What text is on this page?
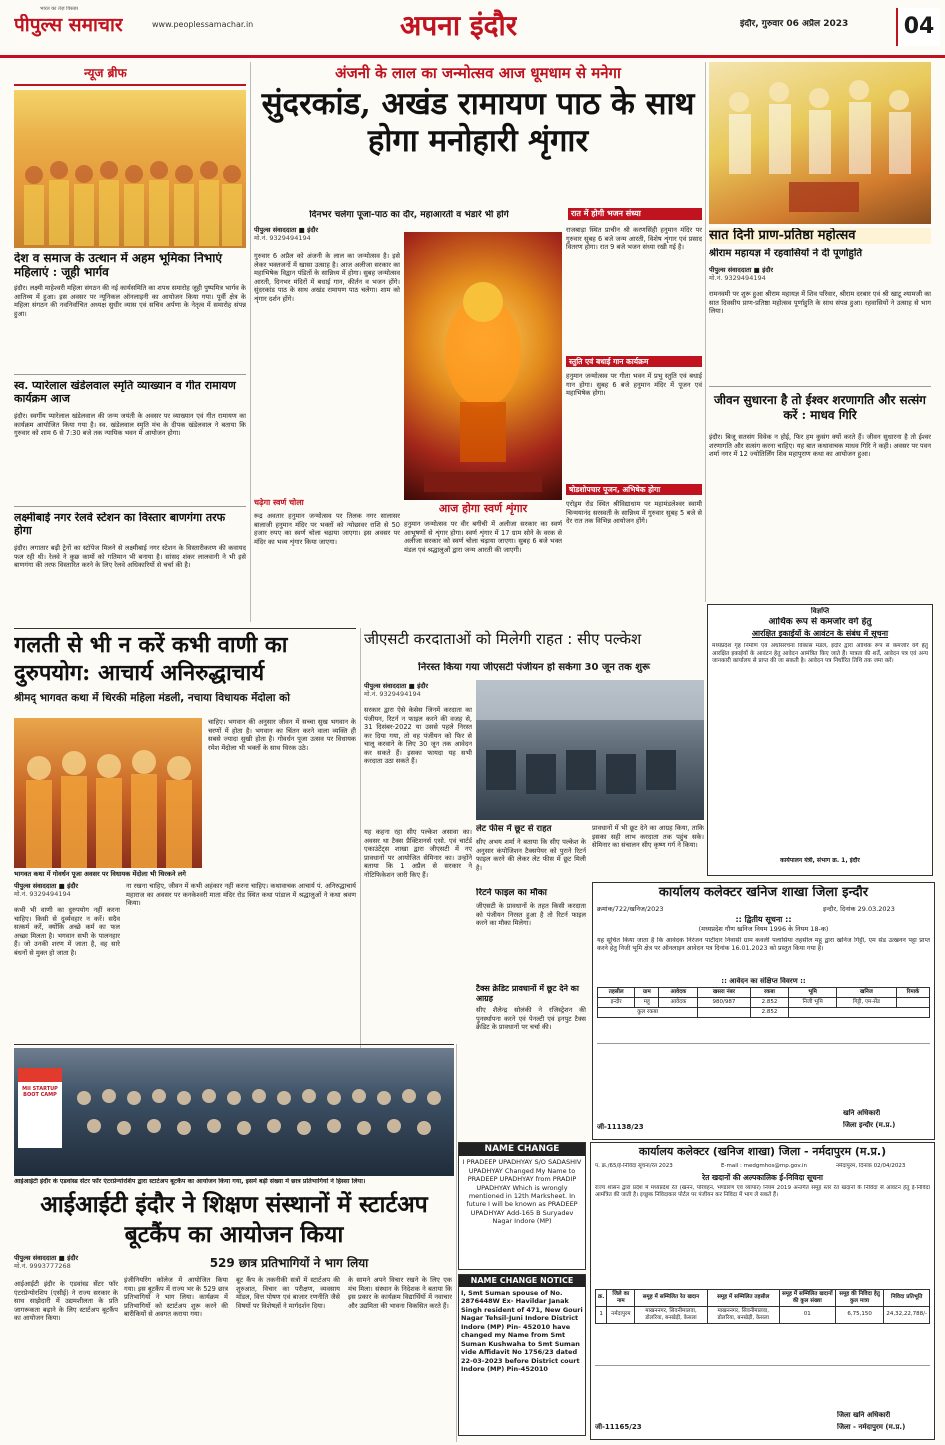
भारत का तेज़ विस्तार
पीपुल्स समाचार	www.peoplessamachar.in	अपना इंदौर	इंदौर, गुरुवार 06 अप्रैल 2023	04
न्यूज ब्रीफ
देश व समाज के उत्थान में अहम भूमिका निभाएं महिलाएं : जूही भार्गव
इंदौर। लक्ष्मी माहेश्वरी महिला संगठन की नई कार्यसमिति का शपथ समारोह जूही पुष्पमित्र भार्गव के आतिथ्य में हुआ। इस अवसर पर न्यूनिकल ऑनलाइनी का आयोजन किया गया। पूर्वी क्षेत्र के महिला संगठन की नवनिर्वाचित अध्यक्ष सुधीर व्यास एवं सचिव अर्पणा के नेतृत्व में समारोह संपन्न हुआ।
स्व. प्यारेलाल खंडेलवाल स्मृति व्याख्यान व गीत रामायण कार्यक्रम आज
इंदौर। स्वर्गीय प्यारेलाल खंडेलवाल की जन्म जयंती के अवसर पर व्याख्यान एवं गीत रामायण का कार्यक्रम आयोजित किया गया है। स्व. खंडेलवाल स्मृति मंच के दीपक खंडेलवाल ने बताया कि गुरुवार को शाम 6 से 7:30 बजे तक न्यायिक भवन में आयोजन होगा।
लक्ष्मीबाई नगर रेलवे स्टेशन का विस्तार बाणगंगा तरफ होगा
इंदौर। लगातार बढ़ी ट्रेनों का स्टॉपेज मिलने से लक्ष्मीबाई नगर स्टेशन के विस्तारीकरण की कवायद फल रही थी। रेलवे ने कुछ कामों को गतिमान भी बनाया है। सांसद शंकर लालवानी ने भी इसे बाणगंगा की तरफ विस्तारित करने के लिए रेलवे अधिकारियों से चर्चा की है।
अंजनी के लाल का जन्मोत्सव आज धूमधाम से मनेगा
सुंदरकांड, अखंड रामायण पाठ के साथ होगा मनोहारी शृंगार
दिनभर चलेगा पूजा-पाठ का दौर, महाआरती व भंडारे भी होंगे	रात में होगी भजन संध्या
पीपुल्स संवाददाता ■ इंदौर
मो.नं. 9329494194
गुरुवार 6 अप्रैल को अंजनी के लाल का जन्मोत्सव है। इसे लेकर भक्तजनों में खासा उत्साह है। आज अलीजा सरकार का महाभिषेक विद्वान पंडितों के सान्निध्य में होगा। सुबह जन्मोत्सव आरती, दिनभर मंदिरों में बधाई गान, कीर्तन व भजन होंगे। सुंदरकांड पाठ के साथ अखंड रामायण पाठ चलेगा। शाम को शृंगार दर्शन होंगे।
चढ़ेगा स्वर्ण चोला
रूद्र अवतार हनुमान जन्मोत्सव पर तिलक नगर सालासर बालाजी हनुमान मंदिर पर भक्तों को न्योछावर राशि से 50 हजार रुपए का स्वर्ण चोला चढ़ाया जाएगा। इस अवसर पर मंदिर का भव्य शृंगार किया जाएगा।
आज होगा स्वर्ण शृंगार
हनुमान जन्मोत्सव पर वीर बगीची में अलीजा सरकार का स्वर्ण आभूषणों से शृंगार होगा। स्वर्ण शृंगार में 17 ग्राम सोने के वरक से अलीजा सरकार को स्वर्ण चोला चढ़ाया जाएगा। सुबह 6 बजे भक्त मंडल एवं श्रद्धालुओं द्वारा जन्म आरती की जाएगी।
राजबाड़ा स्थित प्राचीन श्री करणसिंही हनुमान मंदिर पर गुरुवार सुबह 6 बजे जन्म आरती, विशेष शृंगार एवं प्रसाद वितरण होगा। रात 9 बजे भजन संध्या रखी गई है।
स्तुति एवं बधाई गान कार्यक्रम
हनुमान जन्मोत्सव पर गीता भवन में प्रभु स्तुति एवं बधाई गान होगा। सुबह 6 बजे हनुमान मंदिर में पूजन एवं महाभिषेक होगा।
षोडशोपचार पूजन, अभिषेक होगा
एरोड्रम रोड स्थित श्रीविद्याधाम पर महामंडलेश्वर स्वामी चिन्मयानंद सरस्वती के सान्निध्य में गुरुवार सुबह 5 बजे से देर रात तक विभिन्न आयोजन होंगे।
सात दिनी प्राण-प्रतिष्ठा महोत्सव
श्रीराम महायज्ञ में रहवासियों ने दी पूर्णाहुति
पीपुल्स संवाददाता ■ इंदौर
मो.नं. 9329494194
रामनवमी पर शुरू हुआ श्रीराम महायज्ञ में शिव परिवार, श्रीराम दरबार एवं श्री खाटू श्यामजी का सात दिवसीय प्राण-प्रतिष्ठा महोत्सव पूर्णाहुति के साथ संपन्न हुआ। रहवासियों ने उत्साह से भाग लिया।
जीवन सुधारना है तो ईश्वर शरणागति और सत्संग करें : माधव गिरि
इंदौर। बिजू सतसंग विवेक न होई, फिर हम कुसंग क्यों करते हैं। जीवन सुधारना है तो ईश्वर शरणागति और सत्संग करना चाहिए। यह बात कथावाचक माधव गिरि ने कही। अवसर पर पवन शर्मा नगर में 12 ज्योतिर्लिंग शिव महापुराण कथा का आयोजन हुआ।
विज्ञप्ति
आर्थिक रूप से कमजोर वर्ग हेतु
आरक्षित इकाईयों के आवंटन के संबंध में सूचना
मध्यप्रदेश गृह निर्माण एवं अधोसंरचना विकास मंडल, इंदौर द्वारा आर्थिक रूप से कमजोर वर्ग हेतु आरक्षित इकाईयों के आवंटन हेतु आवेदन आमंत्रित किए जाते हैं। पात्रता की शर्तें, आवेदन पत्र एवं अन्य जानकारी कार्यालय से प्राप्त की जा सकती है। आवेदन पत्र निर्धारित तिथि तक जमा करें।
कार्यपालन यंत्री, संभाग क्र. 1, इंदौर
गलती से भी न करें कभी वाणी का दुरुपयोग: आचार्य अनिरुद्धाचार्य
श्रीमद् भागवत कथा में थिरकी महिला मंडली, नचाया विधायक मेंदोला को
भागवत कथा में गोवर्धन पूजा अवसर पर विधायक मेंदोला भी थिरकने लगे
पीपुल्स संवाददाता ■ इंदौर
मो.नं. 9329494194
कभी भी वाणी का दुरुपयोग नहीं करना चाहिए। किसी से दुर्व्यवहार न करें। सदैव सत्कर्म करें, क्योंकि अच्छे कर्म का फल अच्छा मिलता है। भगवान सभी के पालनहार हैं। जो उनकी शरण में जाता है, वह सारे बंधनों से मुक्त हो जाता है।
चाहिए। भगवान की अनुसार जीवन में सच्चा सुख भगवान के चरणों में होता है। भगवान का चिंतन करने वाला व्यक्ति ही सबसे ज्यादा सुखी होता है। गोवर्धन पूजा उत्सव पर विधायक रमेश मेंदोला भी भक्तों के साथ थिरक उठे।
ना रखना चाहिए, जीवन में कभी अहंकार नहीं करना चाहिए। कथावाचक आचार्य पं. अनिरुद्धाचार्य महाराज का अवसर पर कनकेश्वरी माता मंदिर रोड स्थित कथा पांडाल में श्रद्धालुओं ने कथा श्रवण किया।
जीएसटी करदाताओं को मिलेगी राहत : सीए पल्केश
निरस्त किया गया जीएसटी पंजीयन हो सकेगा 30 जून तक शुरू
पीपुल्स संवाददाता ■ इंदौर
मो.नं. 9329494194
सरकार द्वारा ऐसे केसेस जिनमें करदाता का पंजीयन, रिटर्न न फाइल करने की वजह से, 31 दिसंबर-2022 या उससे पहले निरस्त कर दिया गया, तो वह पंजीयन को फिर से चालू करवाने के लिए 30 जून तक आवेदन कर सकते हैं। इसका फायदा यह सभी करदाता उठा सकते हैं।
यह कहना रहा सीए पल्केश असावा का। अवसर था टैक्स प्रैक्टिशनर्स एसो. एवं चार्टर्ड एकाउंटेंट्स शाखा द्वारा जीएसटी में नए प्रावधानों पर आयोजित सेमिनार का। उन्होंने बताया कि 1 अप्रैल से सरकार ने नोटिफिकेशन जारी किए हैं।
लेट फीस में छूट से राहत
सीए अभय शर्मा ने बताया कि सीए पल्केश के अनुसार कंपोजिशन टैक्सपेयर को पुराने रिटर्न फाइल करने की लेकर लेट फीस में छूट मिली है।
प्रावधानों में भी छूट देने का आग्रह किया, ताकि इसका सही लाभ करदाता तक पहुंच सके। सेमिनार का संचालन सीए कृष्ण गर्ग ने किया।
रिटर्न फाइल का मौका
जीएसटी के प्रावधानों के तहत किसी करदाता को पंजीयन निरस्त हुआ है तो रिटर्न फाइल करने का मौका मिलेगा।
टैक्स क्रेडिट प्रावधानों में छूट देने का आग्रह
सीए शैलेन्द्र सोलंकी ने रजिस्ट्रेशन की पुनर्स्थापना करने एवं पेनल्टी एवं इनपुट टैक्स क्रेडिट के प्रावधानों पर चर्चा की।
कार्यालय कलेक्टर खनिज शाखा जिला इन्दौर
क्रमांक/722/खनिज/2023	इन्दौर, दिनांक 29.03.2023
:: द्वितीय सूचना ::
(मध्यप्रदेश गौण खनिज नियम 1996 के नियम 18-क)
यह सूचित किया जाता है कि आवेदक निरंजन पाटीदार निवासी ग्राम कवली पलासिया तहसील महू द्वारा खनिज गिट्टी, एम सेंड उत्खनन पट्टा प्राप्त करने हेतु निजी भूमि क्षेत्र पर ऑनलाइन आवेदन पत्र दिनांक 16.01.2023 को प्रस्तुत किया गया है।
:: आवेदन का संक्षिप्त विवरण ::
तहसील	ग्राम	आवेदक	खसरा नंबर	रकबा	भूमि	खनिज	रिमार्क
इन्दौर	महू	आवेदक	980/987	2.852	निजी भूमि	गिट्टी, एम-सेंड	
कुल रकबा				2.852			
खनि अधिकारी
जिला इन्दौर (म.प्र.)
जी-11138/23
MII STARTUP BOOT CAMP
आईआईटी इंदौर के एडवांस्ड सेंटर फॉर एंटरप्रेन्योरशिप द्वारा स्टार्टअप बूटकैंप का आयोजन किया गया, इसमें बड़ी संख्या में छात्र प्रतिभागियों ने हिस्सा लिया।
आईआईटी इंदौर ने शिक्षण संस्थानों में स्टार्टअप बूटकैंप का आयोजन किया
529 छात्र प्रतिभागियों ने भाग लिया
पीपुल्स संवाददाता ■ इंदौर
मो.नं. 9993777268
आईआईटी इंदौर के एडवांस्ड सेंटर फॉर एंटरप्रेन्योरशिप (एसीई) ने राज्य सरकार के साथ साझेदारी में उद्यमशीलता के प्रति जागरूकता बढ़ाने के लिए स्टार्टअप बूटकैंप का आयोजन किया।
इंजीनियरिंग कॉलेज में आयोजित किया गया। इस बूटकैंप में राज्य भर के 529 छात्र प्रतिभागियों ने भाग लिया। कार्यक्रम में प्रतिभागियों को स्टार्टअप शुरू करने की बारीकियों से अवगत कराया गया।
बूट कैंप के तकनीकी सत्रों में स्टार्टअप की शुरुआत, विचार का परीक्षण, व्यवसाय मॉडल, वित्त पोषण एवं बाजार रणनीति जैसे विषयों पर विशेषज्ञों ने मार्गदर्शन दिया।
के सामने अपने विचार रखने के लिए एक मंच मिला। संस्थान के निदेशक ने बताया कि इस प्रकार के कार्यक्रम विद्यार्थियों में नवाचार और उद्यमिता की भावना विकसित करते हैं।
NAME CHANGE
I PRADEEP UPADHYAY S/O SADASHIV UPADHYAY Changed My Name to PRADEEP UPADHYAY from PRADIP UPADHYAY Which is wrongly mentioned in 12th Marksheet. In future I will be known as PRADEEP UPADHYAY Add-165 B Suryadev Nagar Indore (MP)
NAME CHANGE NOTICE
I, Smt Suman spouse of No. 2876448W Ex- Havildar Janak Singh resident of 471, New Gouri Nagar Tehsil-Juni Indore District Indore (MP) Pin- 452010 have changed my Name from Smt Suman Kushwaha to Smt Suman vide Affidavit No 1756/23 dated 22-03-2023 before District court Indore (MP) Pin-452010
कार्यालय कलेक्टर (खनिज शाखा) जिला - नर्मदापुरम (म.प्र.)
प. क्र./65/ई-निविदा सूचना/रेत 2023	E-mail : medgmhos@mp.gov.in	नर्मदापुरम, दिनांक 02/04/2023
रेत खदानों की अल्पकालिक ई-निविदा सूचना
राज्य शासन द्वारा प्रदेश में मध्यप्रदेश रेत (खनन, परिवहन, भण्डारण एवं व्यापार) नियम 2019 अन्तर्गत समूह स्तर रेत खदानों के निविदा से आवंटन हेतु ई-निविदा आमंत्रित की जाती है। इच्छुक निविदाकार पोर्टल पर पंजीयन कर निविदा में भाग ले सकते हैं।
क्र.	जिले का नाम	समूह में सम्मिलित रेत खदान	समूह में सम्मिलित तहसील	समूह में सम्मिलित खदानों की कुल संख्या	समूह की निविदा हेतु कुल मात्रा	निविदा प्रतिभूति
1	नर्मदापुरम	माखननगर, सिवनीमालवा, डोलरिया, बनखेड़ी, केसला	माखननगर, सिवनीमालवा, डोलरिया, बनखेड़ी, केसला	01	6,75,150	24,32,22,788/-
जिला खनि अधिकारी
जिला - नर्मदापुरम (म.प्र.)
जी-11165/23
